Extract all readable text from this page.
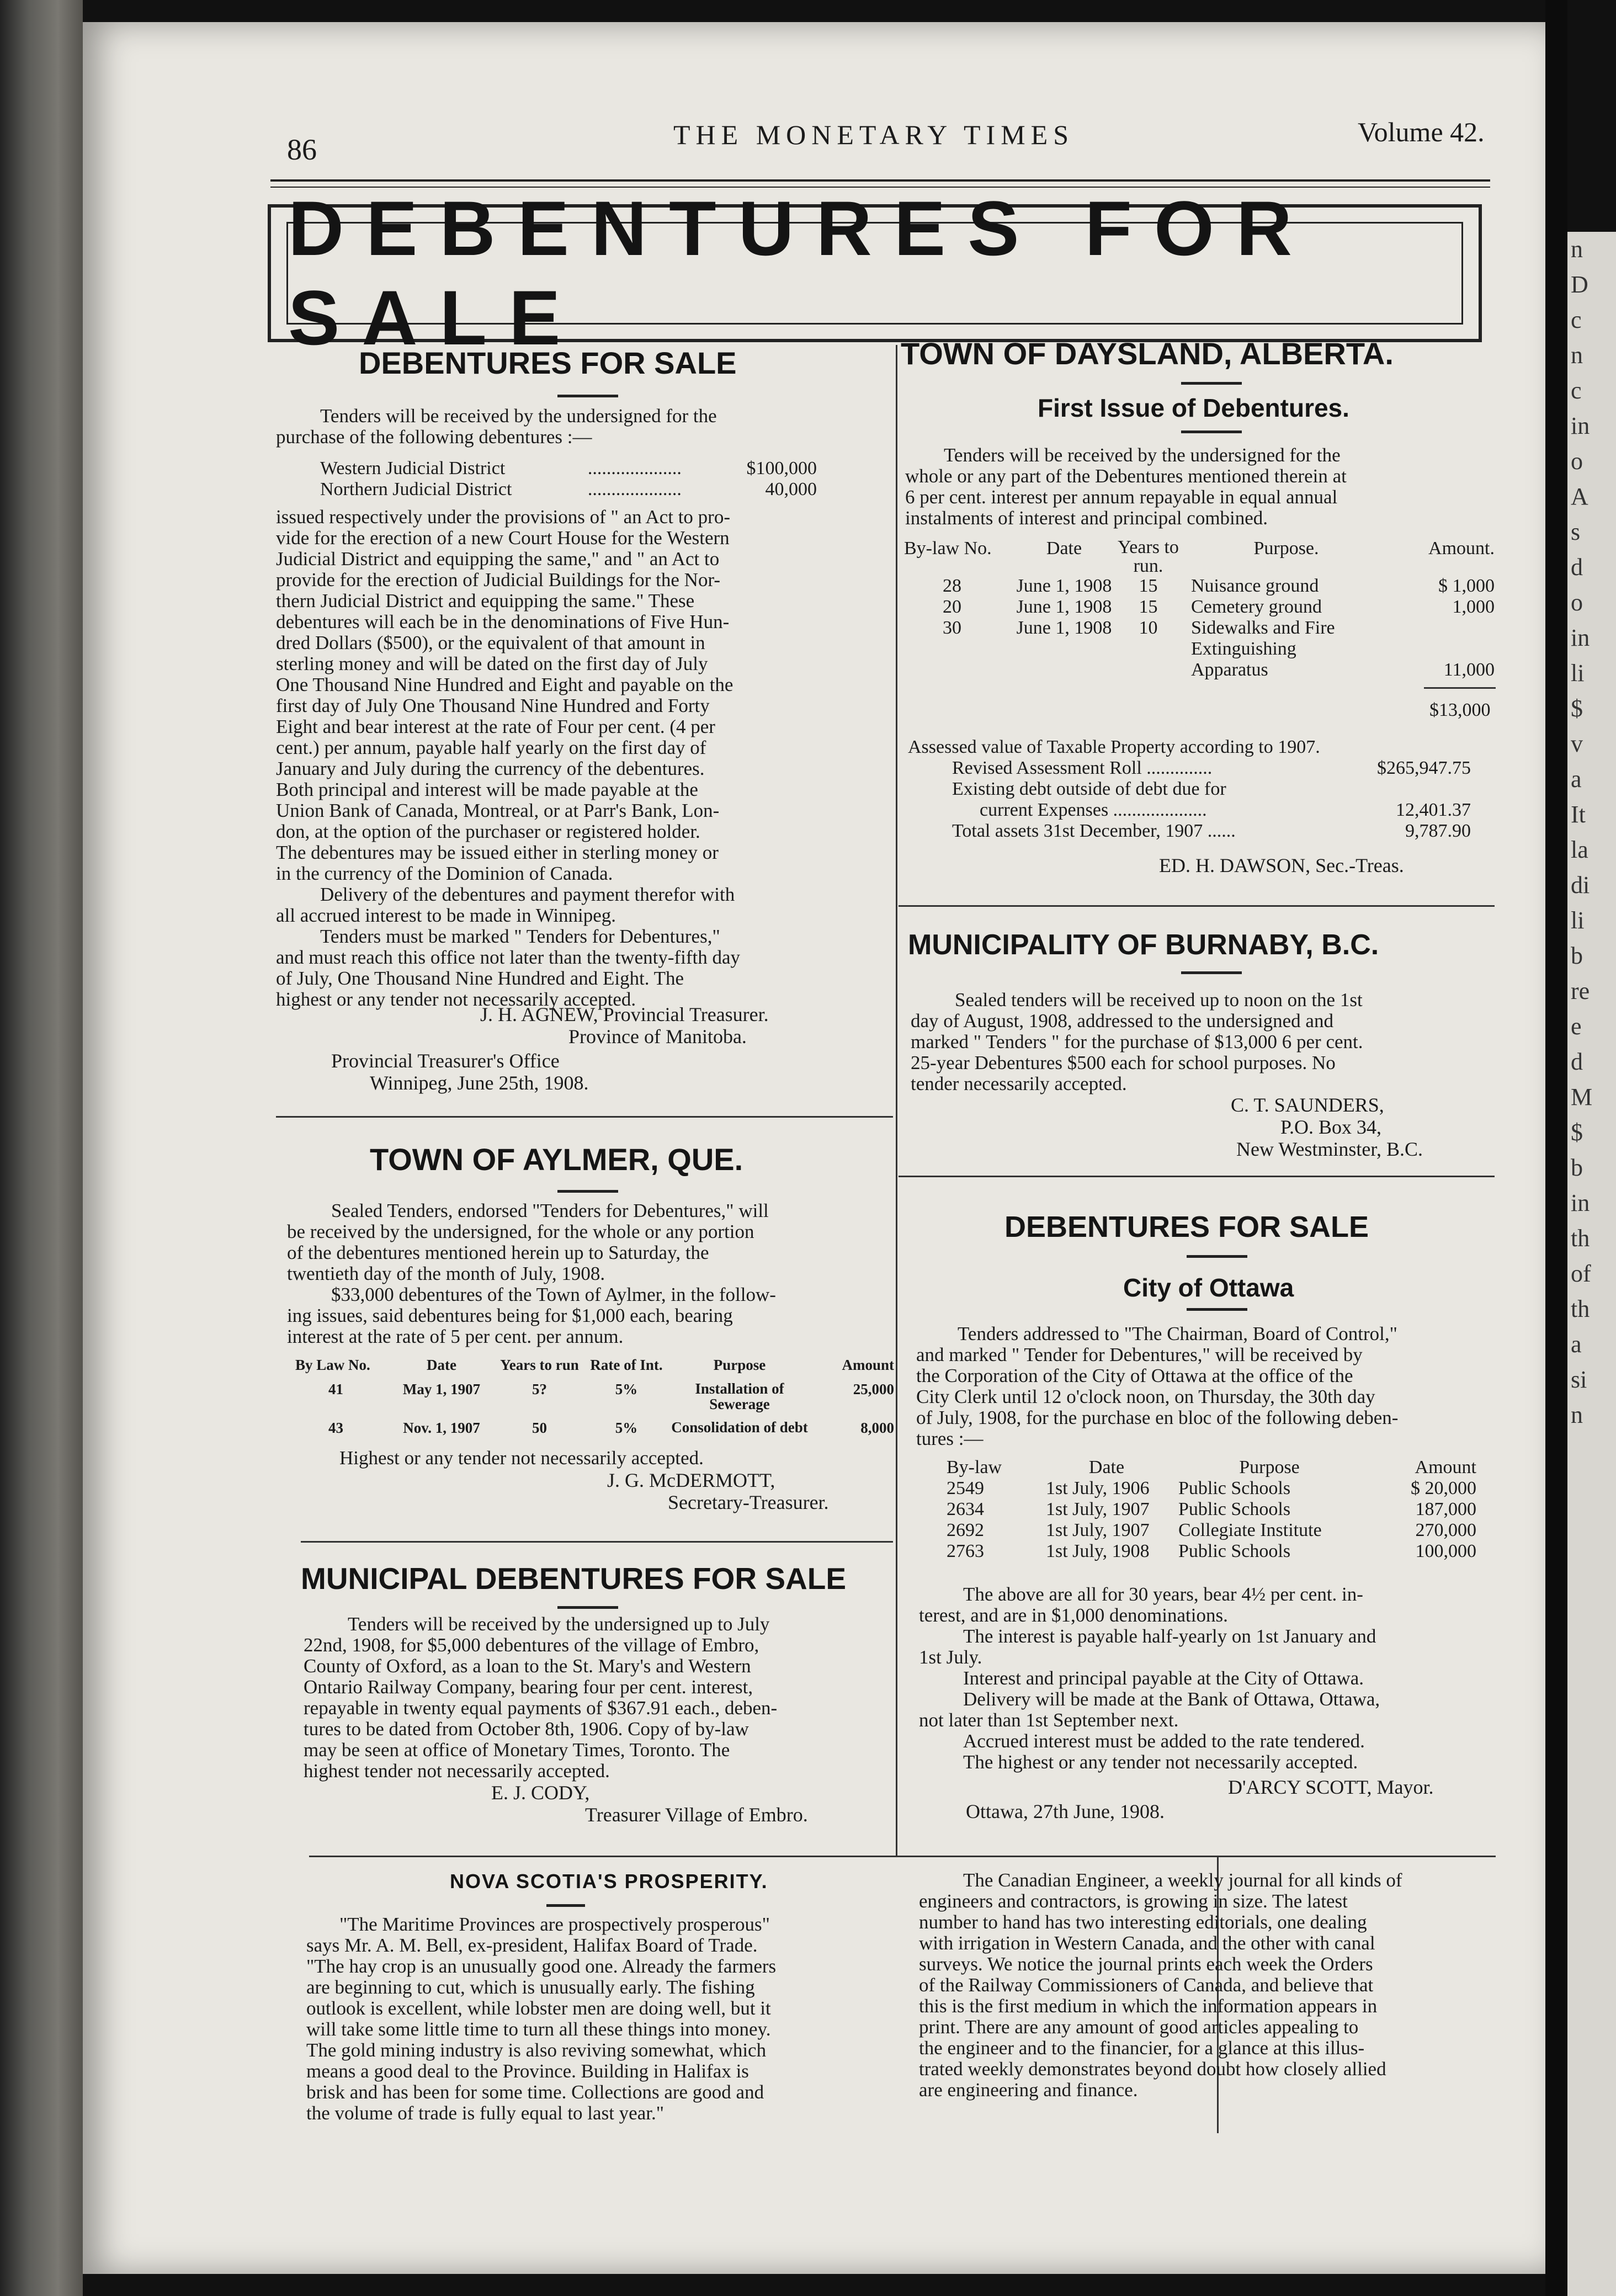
n
D
c
n
c
in
o
A
s
d
o
in
li
$
v
a
It
la
di
li
b
re
e
d
M
$
b
in
th
of
th
a
si
n
86	THE MONETARY TIMES	Volume 42.
DEBENTURES FOR SALE
DEBENTURES FOR SALE
Tenders will be received by the undersigned for the
purchase of the following debentures :—
Western Judicial District	....................	$100,000
Northern Judicial District	....................	40,000
issued respectively under the provisions of " an Act to pro-
vide for the erection of a new Court House for the Western
Judicial District and equipping the same," and " an Act to
provide for the erection of Judicial Buildings for the Nor-
thern Judicial District and equipping the same." These
debentures will each be in the denominations of Five Hun-
dred Dollars ($500), or the equivalent of that amount in
sterling money and will be dated on the first day of July
One Thousand Nine Hundred and Eight and payable on the
first day of July One Thousand Nine Hundred and Forty
Eight and bear interest at the rate of Four per cent. (4 per
cent.) per annum, payable half yearly on the first day of
January and July during the currency of the debentures.
Both principal and interest will be made payable at the
Union Bank of Canada, Montreal, or at Parr's Bank, Lon-
don, at the option of the purchaser or registered holder.
The debentures may be issued either in sterling money or
in the currency of the Dominion of Canada.
Delivery of the debentures and payment therefor with
all accrued interest to be made in Winnipeg.
Tenders must be marked " Tenders for Debentures,"
and must reach this office not later than the twenty-fifth day
of July, One Thousand Nine Hundred and Eight. The
highest or any tender not necessarily accepted.
J. H. AGNEW, Provincial Treasurer.
Province of Manitoba.
Provincial Treasurer's Office
Winnipeg, June 25th, 1908.
TOWN OF AYLMER, QUE.
Sealed Tenders, endorsed "Tenders for Debentures," will
be received by the undersigned, for the whole or any portion
of the debentures mentioned herein up to Saturday, the
twentieth day of the month of July, 1908.
$33,000 debentures of the Town of Aylmer, in the follow-
ing issues, said debentures being for $1,000 each, bearing
interest at the rate of 5 per cent. per annum.
By Law No.	Date	Years to run	Rate of Int.	Purpose	Amount

41	May 1, 1907	5?	5%	Installation of Sewerage	25,000

43	Nov. 1, 1907	50	5%	Consolidation of debt	8,000
Highest or any tender not necessarily accepted.
J. G. McDERMOTT,
Secretary-Treasurer.
MUNICIPAL DEBENTURES FOR SALE
Tenders will be received by the undersigned up to July
22nd, 1908, for $5,000 debentures of the village of Embro,
County of Oxford, as a loan to the St. Mary's and Western
Ontario Railway Company, bearing four per cent. interest,
repayable in twenty equal payments of $367.91 each., deben-
tures to be dated from October 8th, 1906. Copy of by-law
may be seen at office of Monetary Times, Toronto. The
highest tender not necessarily accepted.
E. J. CODY,
Treasurer Village of Embro.
TOWN OF DAYSLAND, ALBERTA.
First Issue of Debentures.
Tenders will be received by the undersigned for the
whole or any part of the Debentures mentioned therein at
6 per cent. interest per annum repayable in equal annual
instalments of interest and principal combined.
By-law No.	Date	Years to run.	Purpose.	Amount.
28	June 1, 1908	15	Nuisance ground	$ 1,000
20	June 1, 1908	15	Cemetery ground	1,000
30	June 1, 1908	10	Sidewalks and Fire Extinguishing Apparatus	11,000
$13,000
Assessed value of Taxable Property according to 1907.	
Revised Assessment Roll ..............	$265,947.75
Existing debt outside of debt due for	
current Expenses ....................	12,401.37
Total assets 31st December, 1907 ......	9,787.90
ED. H. DAWSON, Sec.-Treas.
MUNICIPALITY OF BURNABY, B.C.
Sealed tenders will be received up to noon on the 1st
day of August, 1908, addressed to the undersigned and
marked " Tenders " for the purchase of $13,000 6 per cent.
25-year Debentures $500 each for school purposes. No
tender necessarily accepted.
C. T. SAUNDERS,
P.O. Box 34,
New Westminster, B.C.
DEBENTURES FOR SALE
City of Ottawa
Tenders addressed to "The Chairman, Board of Control,"
and marked " Tender for Debentures," will be received by
the Corporation of the City of Ottawa at the office of the
City Clerk until 12 o'clock noon, on Thursday, the 30th day
of July, 1908, for the purchase en bloc of the following deben-
tures :—
By-law	Date	Purpose	Amount
2549	1st July, 1906	Public Schools	$ 20,000
2634	1st July, 1907	Public Schools	187,000
2692	1st July, 1907	Collegiate Institute	270,000
2763	1st July, 1908	Public Schools	100,000
The above are all for 30 years, bear 4½ per cent. in-
terest, and are in $1,000 denominations.
The interest is payable half-yearly on 1st January and
1st July.
Interest and principal payable at the City of Ottawa.
Delivery will be made at the Bank of Ottawa, Ottawa,
not later than 1st September next.
Accrued interest must be added to the rate tendered.
The highest or any tender not necessarily accepted.
D'ARCY SCOTT, Mayor.
Ottawa, 27th June, 1908.
NOVA SCOTIA'S PROSPERITY.
"The Maritime Provinces are prospectively prosperous"
says Mr. A. M. Bell, ex-president, Halifax Board of Trade.
"The hay crop is an unusually good one. Already the farmers
are beginning to cut, which is unusually early. The fishing
outlook is excellent, while lobster men are doing well, but it
will take some little time to turn all these things into money.
The gold mining industry is also reviving somewhat, which
means a good deal to the Province. Building in Halifax is
brisk and has been for some time. Collections are good and
the volume of trade is fully equal to last year."
The Canadian Engineer, a weekly journal for all kinds of
engineers and contractors, is growing in size. The latest
number to hand has two interesting editorials, one dealing
with irrigation in Western Canada, and the other with canal
surveys. We notice the journal prints each week the Orders
of the Railway Commissioners of Canada, and believe that
this is the first medium in which the information appears in
print. There are any amount of good articles appealing to
the engineer and to the financier, for a glance at this illus-
trated weekly demonstrates beyond doubt how closely allied
are engineering and finance.
